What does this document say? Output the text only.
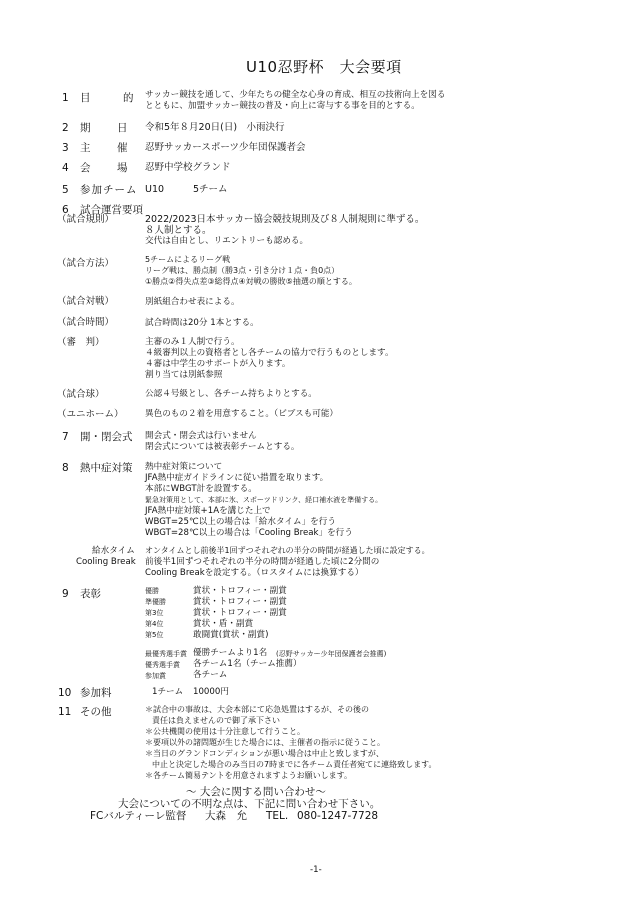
U10忍野杯　大会要項
1 目　的 サッカー競技を通して、少年たちの健全な心身の育成、相互の技術向上を図る
とともに、加盟サッカー競技の普及・向上に寄与する事を目的とする。
2 期　日 令和5年８月20日(日)　小雨決行
3 主　催 忍野サッカースポーツ少年団保護者会
4 会　場 忍野中学校グランド
5 参加チーム U10	5チーム
6 試合運営要項
（試合規則）	2022/2023日本サッカー協会競技規則及び８人制規則に準ずる。
８人制とする。
交代は自由とし、リエントリーも認める。
（試合方法）	5チームによるリーグ戦
リーグ戦は、勝点制（勝3点・引き分け１点・負0点）
①勝点②得失点差③総得点④対戦の勝敗⑤抽選の順とする。
（試合対戦）	別紙組合わせ表による。
（試合時間）	試合時間は20分 1本とする。
（審　判）	主審のみ１人制で行う。
４級審判以上の資格者とし各チームの協力で行うものとします。
４審は中学生のサポートが入ります。
割り当ては別紙参照
（試合球）	公認４号級とし、各チーム持ちよりとする。
（ユニホーム） 異色のもの２着を用意すること。（ビブスも可能）
7 開・閉会式 開会式・閉会式は行いません
閉会式については被表彰チームとする。
8 熱中症対策 熱中症対策について
JFA熱中症ガイドラインに従い措置を取ります。
本部にWBGT計を設置する。
緊急対策用として、本部に氷、スポーツドリンク、経口補水液を準備する。
JFA熱中症対策+1Aを講じた上で
WBGT=25℃以上の場合は「給水タイム」を行う
WBGT=28℃以上の場合は「Cooling Break」を行う
給水タイム
Cooling Break
オンタイムとし前後半1回ずつそれぞれの半分の時間が経過した頃に設定する。
前後半1回ずつそれぞれの半分の時間が経過した頃に2分間の
Cooling Breakを設定する。（ロスタイムには換算する）
9 表彰	優勝	賞状・トロフィー・副賞
準優勝	賞状・トロフィー・副賞
第3位	賞状・トロフィー・副賞
第4位	賞状・盾・副賞
第5位	敢闘賞(賞状・副賞)
最優秀選手賞 優勝チームより1名 (忍野サッカー少年団保護者会推薦)
優秀選手賞 各チーム1名（チーム推薦）
参加賞	各チーム
10 参加料	1チーム 10000円
11 その他	＊試合中の事故は、大会本部にて応急処置はするが、その後の
責任は負えませんので御了承下さい
＊公共機関の使用は十分注意して行うこと。
＊要項以外の諸問題が生じた場合には、主催者の指示に従うこと。
＊当日のグランドコンディションが悪い場合は中止と致しますが、
中止と決定した場合のみ当日の7時までに各チーム責任者宛てに連絡致します。
＊各チーム簡易テントを用意されますようお願いします。
～ 大会に関する問い合わせ～
大会についての不明な点は、下記に問い合わせ下さい。
FCバルティーレ監督 大森　允 TEL. 080-1247-7728
-1-
